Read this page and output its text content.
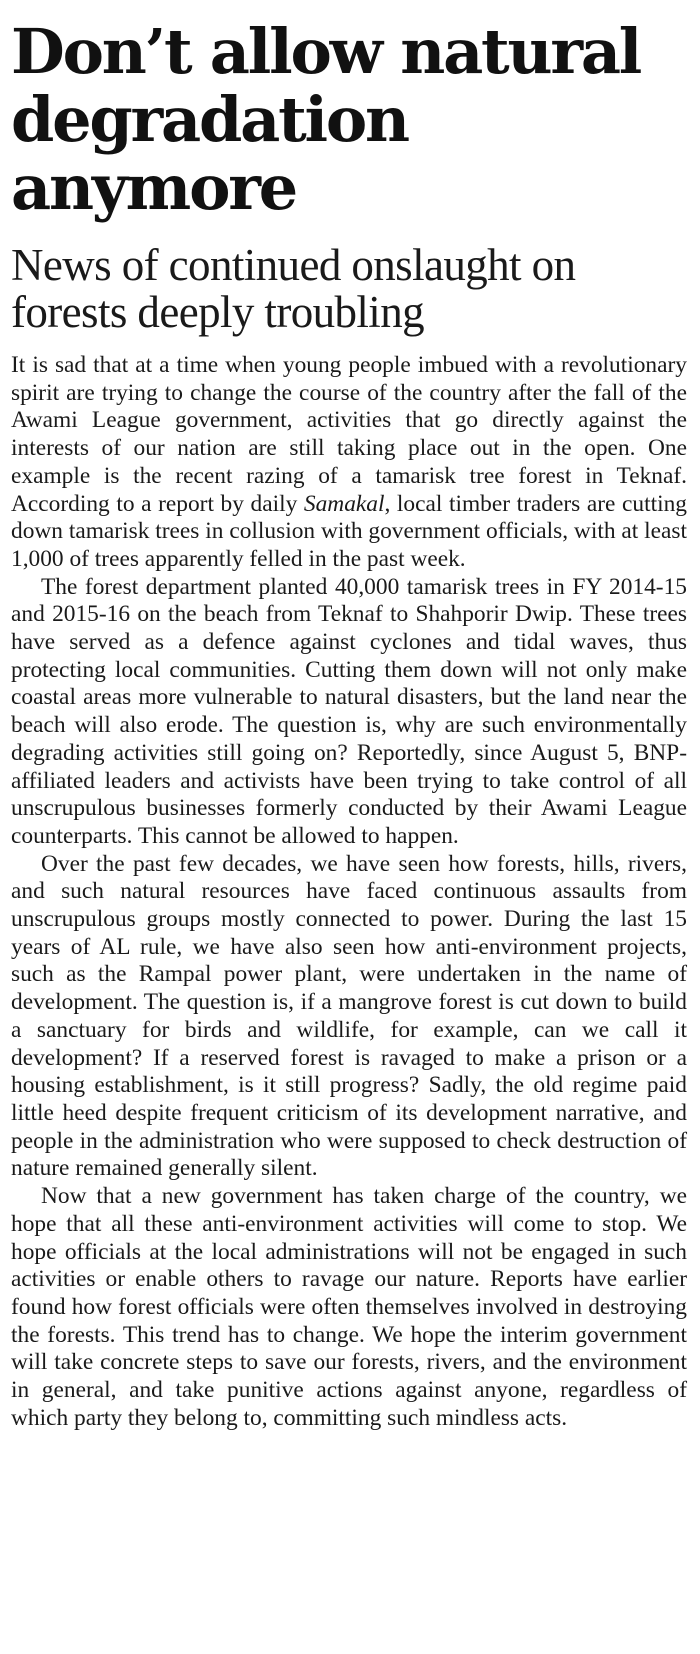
Don’t allow natural degradation anymore
News of continued onslaught on forests deeply troubling

It is sad that at a time when young people imbued with a revolutionary spirit are trying to change the course of the country after the fall of the Awami League government, activities that go directly against the interests of our nation are still taking place out in the open. One example is the recent razing of a tamarisk tree forest in Teknaf. According to a report by daily Samakal, local timber traders are cutting down tamarisk trees in collusion with government officials, with at least 1,000 of trees apparently felled in the past week.

The forest department planted 40,000 tamarisk trees in FY 2014-15 and 2015-16 on the beach from Teknaf to Shahporir Dwip. These trees have served as a defence against cyclones and tidal waves, thus protecting local communities. Cutting them down will not only make coastal areas more vulnerable to natural disasters, but the land near the beach will also erode. The question is, why are such environmentally degrading activities still going on? Reportedly, since August 5, BNP-affiliated leaders and activists have been trying to take control of all unscrupulous businesses formerly conducted by their Awami League counterparts. This cannot be allowed to happen.

Over the past few decades, we have seen how forests, hills, rivers, and such natural resources have faced continuous assaults from unscrupulous groups mostly connected to power. During the last 15 years of AL rule, we have also seen how anti-environment projects, such as the Rampal power plant, were undertaken in the name of development. The question is, if a mangrove forest is cut down to build a sanctuary for birds and wildlife, for example, can we call it development? If a reserved forest is ravaged to make a prison or a housing establishment, is it still progress? Sadly, the old regime paid little heed despite frequent criticism of its development narrative, and people in the administration who were supposed to check destruction of nature remained generally silent.

Now that a new government has taken charge of the country, we hope that all these anti-environment activities will come to stop. We hope officials at the local administrations will not be engaged in such activities or enable others to ravage our nature. Reports have earlier found how forest officials were often themselves involved in destroying the forests. This trend has to change. We hope the interim government will take concrete steps to save our forests, rivers, and the environment in general, and take punitive actions against anyone, regardless of which party they belong to, committing such mindless acts.
